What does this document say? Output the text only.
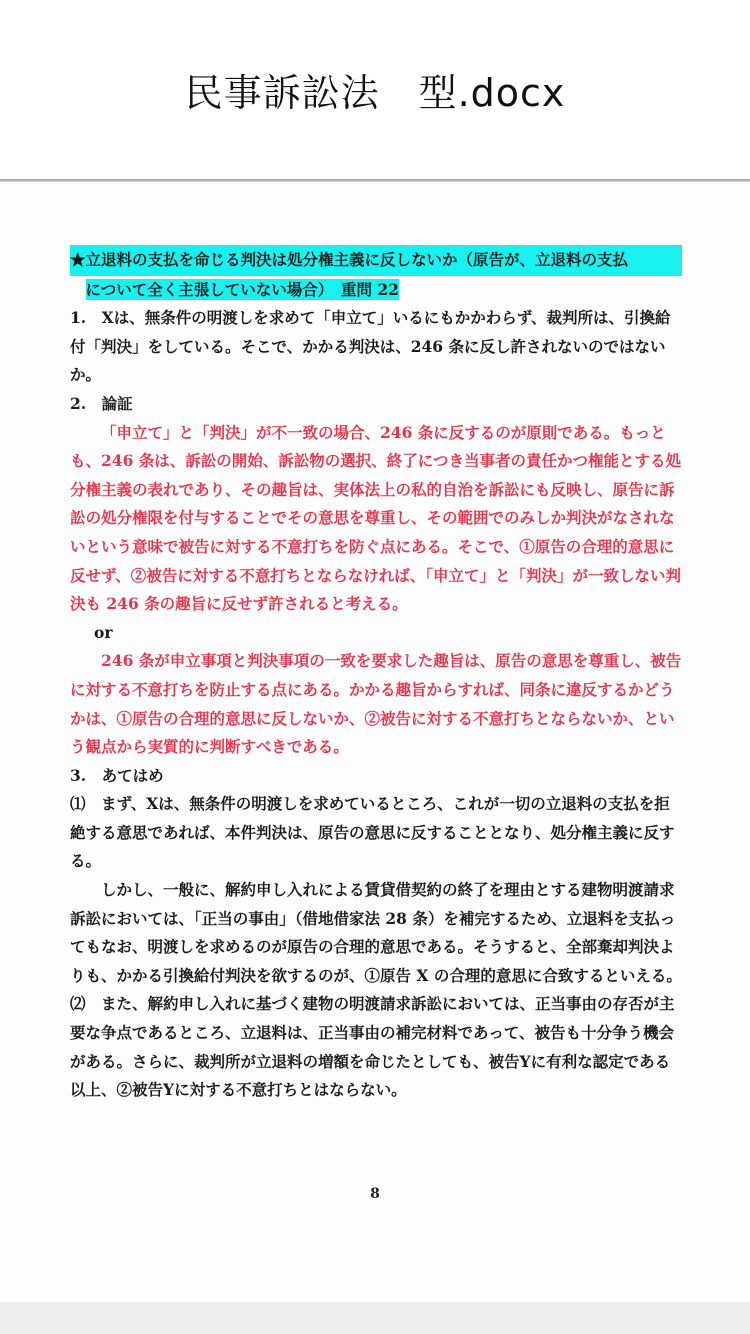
民事訴訟法　型.docx

★立退料の支払を命じる判決は処分権主義に反しないか（原告が、立退料の支払
について全く主張していない場合）　重問 22

1.　Xは、無条件の明渡しを求めて「申立て」いるにもかかわらず、裁判所は、引換給付「判決」をしている。そこで、かかる判決は、246 条に反し許されないのではないか。

2.　論証

「申立て」と「判決」が不一致の場合、246 条に反するのが原則である。もっとも、246 条は、訴訟の開始、訴訟物の選択、終了につき当事者の責任かつ権能とする処分権主義の表れであり、その趣旨は、実体法上の私的自治を訴訟にも反映し、原告に訴訟の処分権限を付与することでその意思を尊重し、その範囲でのみしか判決がなされないという意味で被告に対する不意打ちを防ぐ点にある。そこで、①原告の合理的意思に反せず、②被告に対する不意打ちとならなければ、「申立て」と「判決」が一致しない判決も 246 条の趣旨に反せず許されると考える。

or

246 条が申立事項と判決事項の一致を要求した趣旨は、原告の意思を尊重し、被告に対する不意打ちを防止する点にある。かかる趣旨からすれば、同条に違反するかどうかは、①原告の合理的意思に反しないか、②被告に対する不意打ちとならないか、という観点から実質的に判断すべきである。

3.　あてはめ

⑴　まず、Xは、無条件の明渡しを求めているところ、これが一切の立退料の支払を拒絶する意思であれば、本件判決は、原告の意思に反することとなり、処分権主義に反する。

しかし、一般に、解約申し入れによる賃貸借契約の終了を理由とする建物明渡請求訴訟においては、「正当の事由」（借地借家法 28 条）を補完するため、立退料を支払ってもなお、明渡しを求めるのが原告の合理的意思である。そうすると、全部棄却判決よりも、かかる引換給付判決を欲するのが、①原告 X の合理的意思に合致するといえる。

⑵　また、解約申し入れに基づく建物の明渡請求訴訟においては、正当事由の存否が主要な争点であるところ、立退料は、正当事由の補完材料であって、被告も十分争う機会がある。さらに、裁判所が立退料の増額を命じたとしても、被告Yに有利な認定である以上、②被告Yに対する不意打ちとはならない。

8
